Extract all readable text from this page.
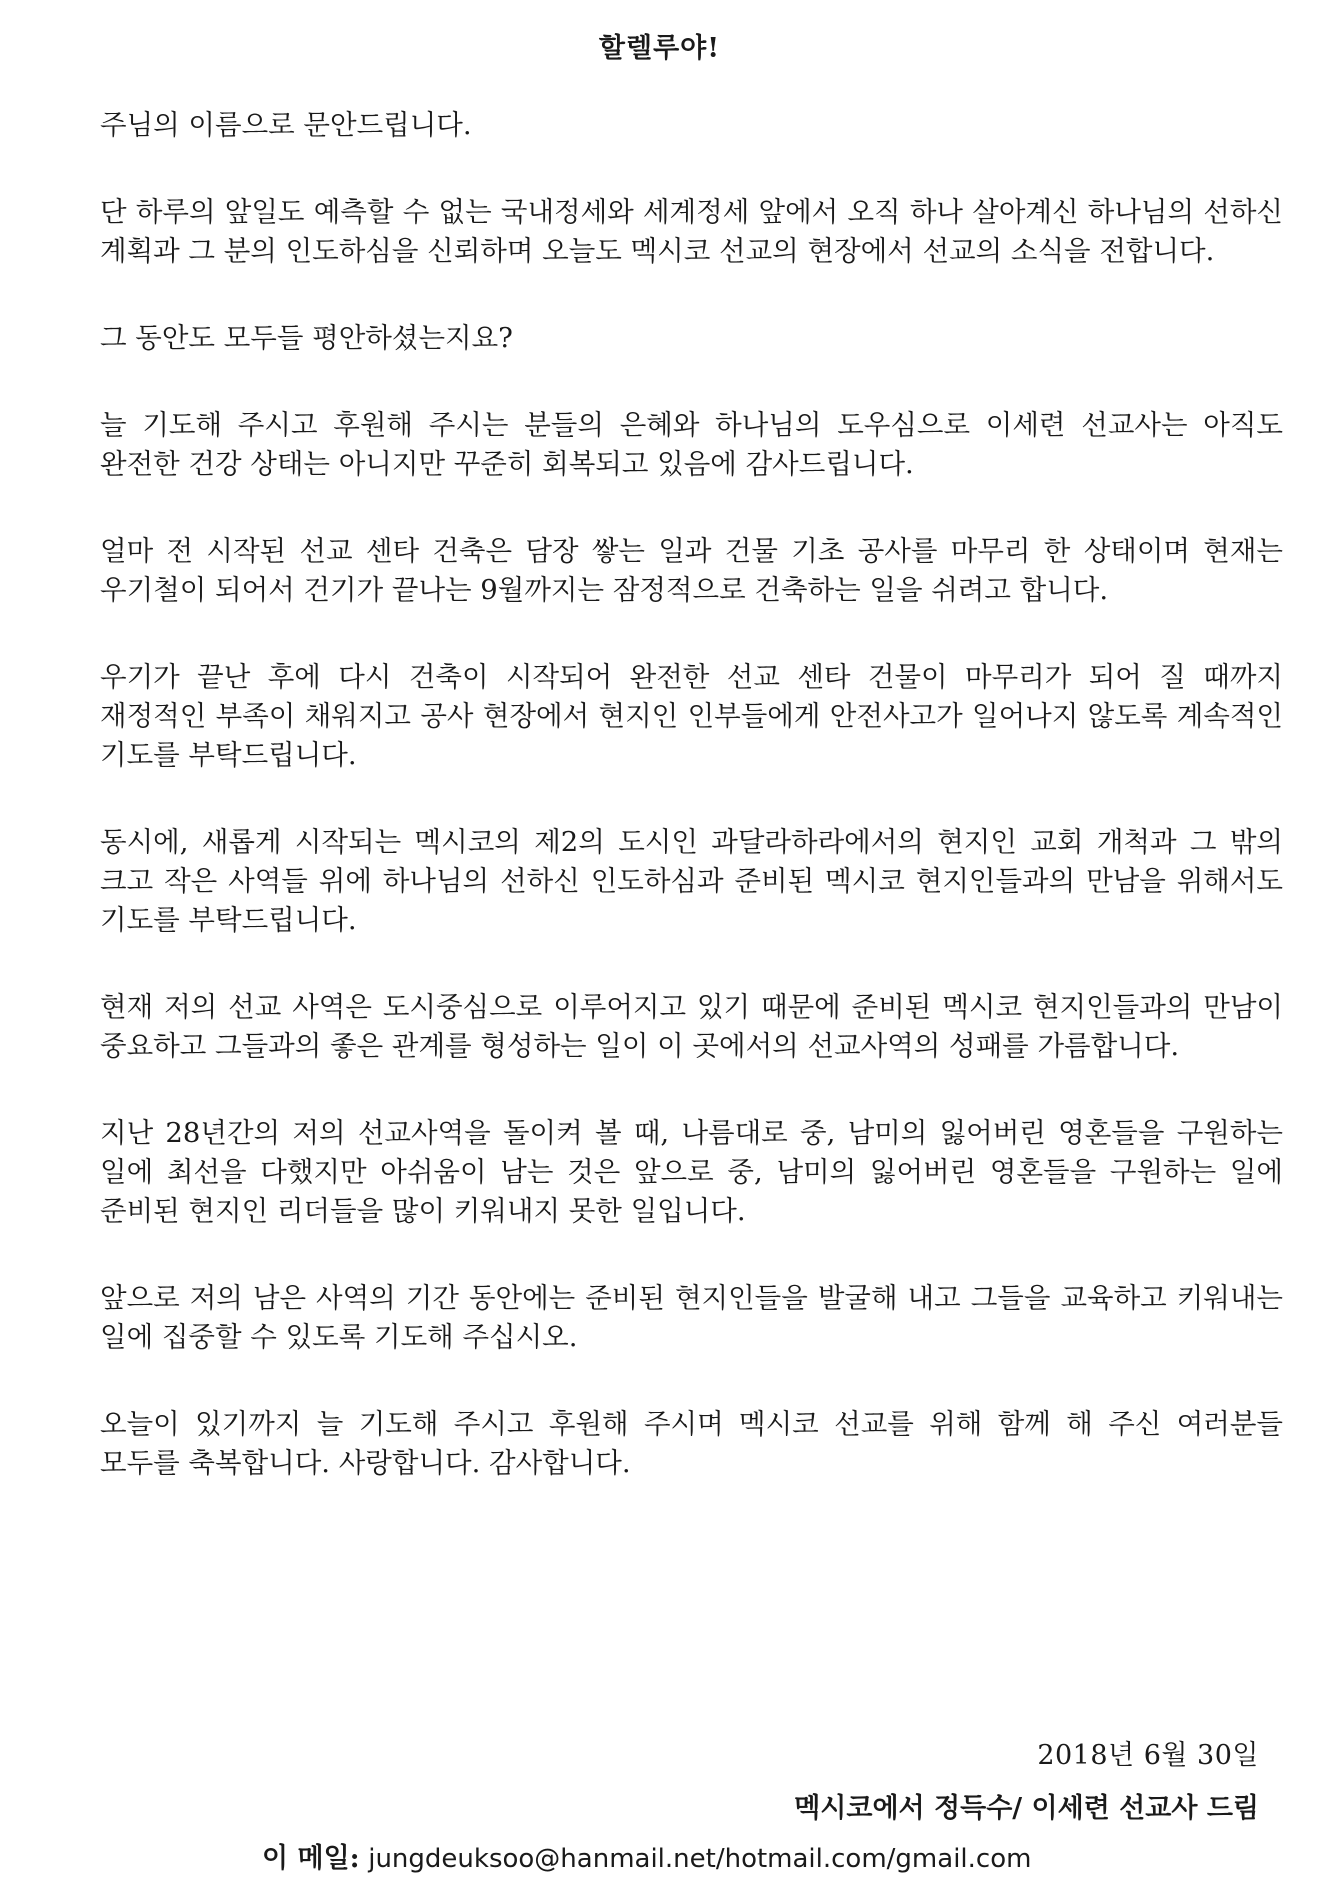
할렐루야!

주님의 이름으로 문안드립니다.

단 하루의 앞일도 예측할 수 없는 국내정세와 세계정세 앞에서 오직 하나 살아계신 하나님의 선하신 계획과 그 분의 인도하심을 신뢰하며 오늘도 멕시코 선교의 현장에서 선교의 소식을 전합니다.

그 동안도 모두들 평안하셨는지요?

늘 기도해 주시고 후원해 주시는 분들의 은혜와 하나님의 도우심으로 이세련 선교사는 아직도 완전한 건강 상태는 아니지만 꾸준히 회복되고 있음에 감사드립니다.

얼마 전 시작된 선교 센타 건축은 담장 쌓는 일과 건물 기초 공사를 마무리 한 상태이며 현재는 우기철이 되어서 건기가 끝나는 9월까지는 잠정적으로 건축하는 일을 쉬려고 합니다.

우기가 끝난 후에 다시 건축이 시작되어 완전한 선교 센타 건물이 마무리가 되어 질 때까지 재정적인 부족이 채워지고 공사 현장에서 현지인 인부들에게 안전사고가 일어나지 않도록 계속적인 기도를 부탁드립니다.

동시에, 새롭게 시작되는 멕시코의 제2의 도시인 과달라하라에서의 현지인 교회 개척과 그 밖의 크고 작은 사역들 위에 하나님의 선하신 인도하심과 준비된 멕시코 현지인들과의 만남을 위해서도 기도를 부탁드립니다.

현재 저의 선교 사역은 도시중심으로 이루어지고 있기 때문에 준비된 멕시코 현지인들과의 만남이 중요하고 그들과의 좋은 관계를 형성하는 일이 이 곳에서의 선교사역의 성패를 가름합니다.

지난 28년간의 저의 선교사역을 돌이켜 볼 때, 나름대로 중, 남미의 잃어버린 영혼들을 구원하는 일에 최선을 다했지만 아쉬움이 남는 것은 앞으로 중, 남미의 잃어버린 영혼들을 구원하는 일에 준비된 현지인 리더들을 많이 키워내지 못한 일입니다.

앞으로 저의 남은 사역의 기간 동안에는 준비된 현지인들을 발굴해 내고 그들을 교육하고 키워내는 일에 집중할 수 있도록 기도해 주십시오.

오늘이 있기까지 늘 기도해 주시고 후원해 주시며 멕시코 선교를 위해 함께 해 주신 여러분들 모두를 축복합니다. 사랑합니다. 감사합니다.

2018년 6월 30일
멕시코에서 정득수/ 이세련 선교사 드림
이 메일: jungdeuksoo@hanmail.net/hotmail.com/gmail.com
